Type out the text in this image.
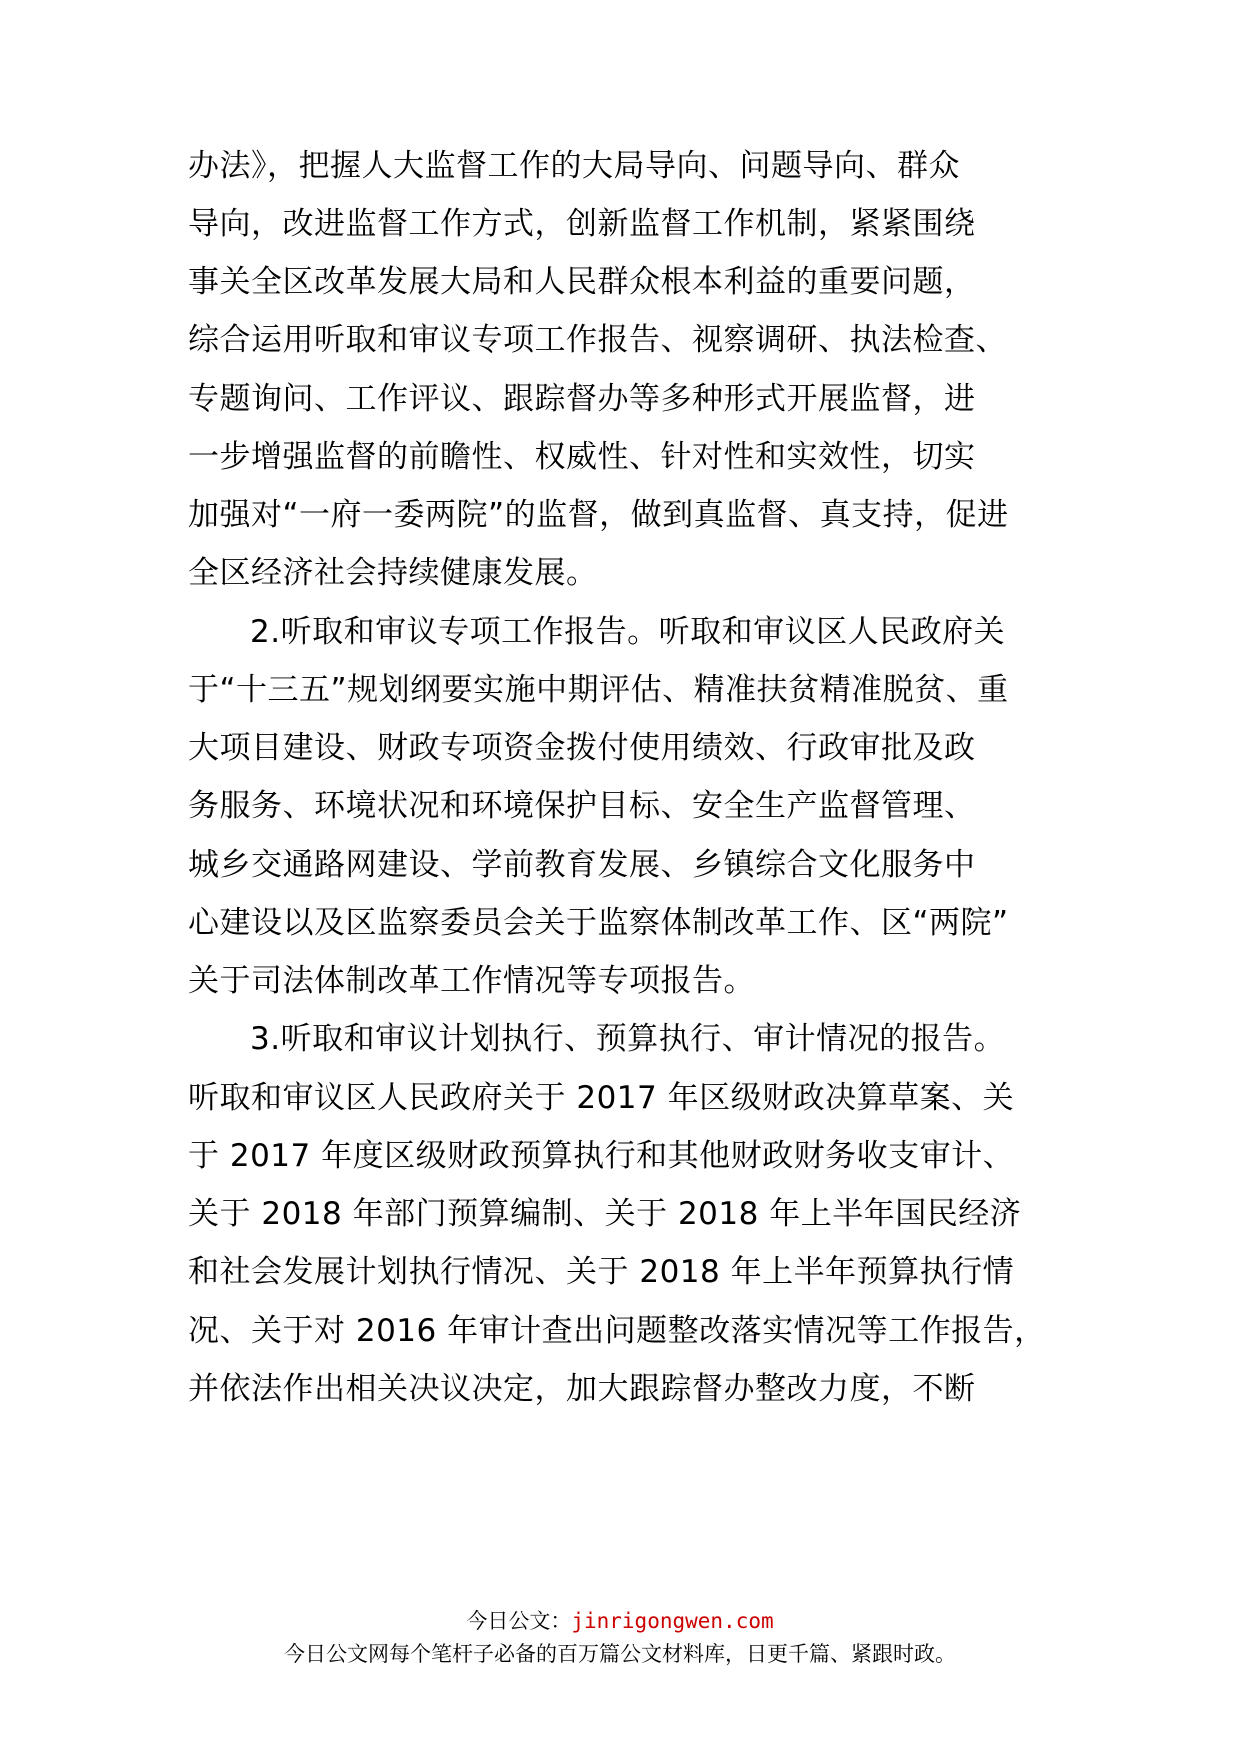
办法》，把握人大监督工作的大局导向、问题导向、群众
导向，改进监督工作方式，创新监督工作机制，紧紧围绕
事关全区改革发展大局和人民群众根本利益的重要问题，
综合运用听取和审议专项工作报告、视察调研、执法检查、
专题询问、工作评议、跟踪督办等多种形式开展监督，进
一步增强监督的前瞻性、权威性、针对性和实效性，切实
加强对“一府一委两院”的监督，做到真监督、真支持，促进
全区经济社会持续健康发展。
2.听取和审议专项工作报告。听取和审议区人民政府关
于“十三五”规划纲要实施中期评估、精准扶贫精准脱贫、重
大项目建设、财政专项资金拨付使用绩效、行政审批及政
务服务、环境状况和环境保护目标、安全生产监督管理、
城乡交通路网建设、学前教育发展、乡镇综合文化服务中
心建设以及区监察委员会关于监察体制改革工作、区“两院”
关于司法体制改革工作情况等专项报告。
3.听取和审议计划执行、预算执行、审计情况的报告。
听取和审议区人民政府关于 2017 年区级财政决算草案、关
于 2017 年度区级财政预算执行和其他财政财务收支审计、
关于 2018 年部门预算编制、关于 2018 年上半年国民经济
和社会发展计划执行情况、关于 2018 年上半年预算执行情
况、关于对 2016 年审计查出问题整改落实情况等工作报告，
并依法作出相关决议决定，加大跟踪督办整改力度，不断
今日公文：jinrigongwen.com
今日公文网每个笔杆子必备的百万篇公文材料库，日更千篇、紧跟时政。
